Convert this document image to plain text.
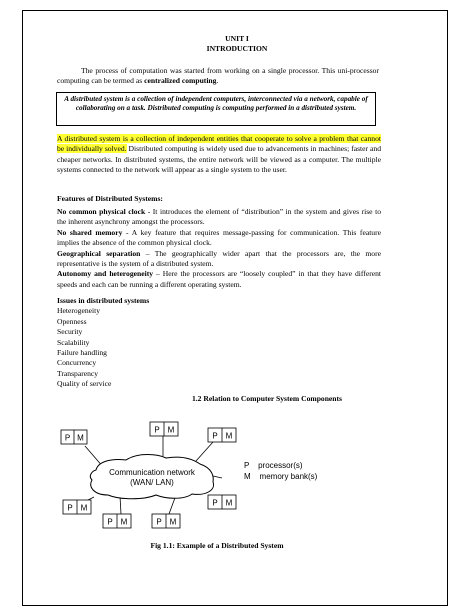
UNIT I
INTRODUCTION
The process of computation was started from working on a single processor. This uni-processor computing can be termed as centralized computing.
A distributed system is a collection of independent computers, interconnected via a network, capable of collaborating on a task. Distributed computing is computing performed in a distributed system.
A distributed system is a collection of independent entities that cooperate to solve a problem that cannot be individually solved. Distributed computing is widely used due to advancements in machines; faster and cheaper networks. In distributed systems, the entire network will be viewed as a computer. The multiple systems connected to the network will appear as a single system to the user.
Features of Distributed Systems:
No common physical clock - It introduces the element of “distribution” in the system and gives rise to the inherent asynchrony amongst the processors.
No shared memory - A key feature that requires message-passing for communication. This feature implies the absence of the common physical clock.
Geographical separation – The geographically wider apart that the processors are, the more representative is the system of a distributed system.
Autonomy and heterogeneity – Here the processors are “loosely coupled” in that they have different speeds and each can be running a different operating system.
Issues in distributed systems
Heterogeneity
Openness
Security
Scalability
Failure handling
Concurrency
Transparency
Quality of service
1.2 Relation to Computer System Components
Communication network
(WAN/ LAN)
P M
P M
P M
P M
P M	P M
P M
P    processor(s)
M    memory bank(s)
Fig 1.1: Example of a Distributed System
